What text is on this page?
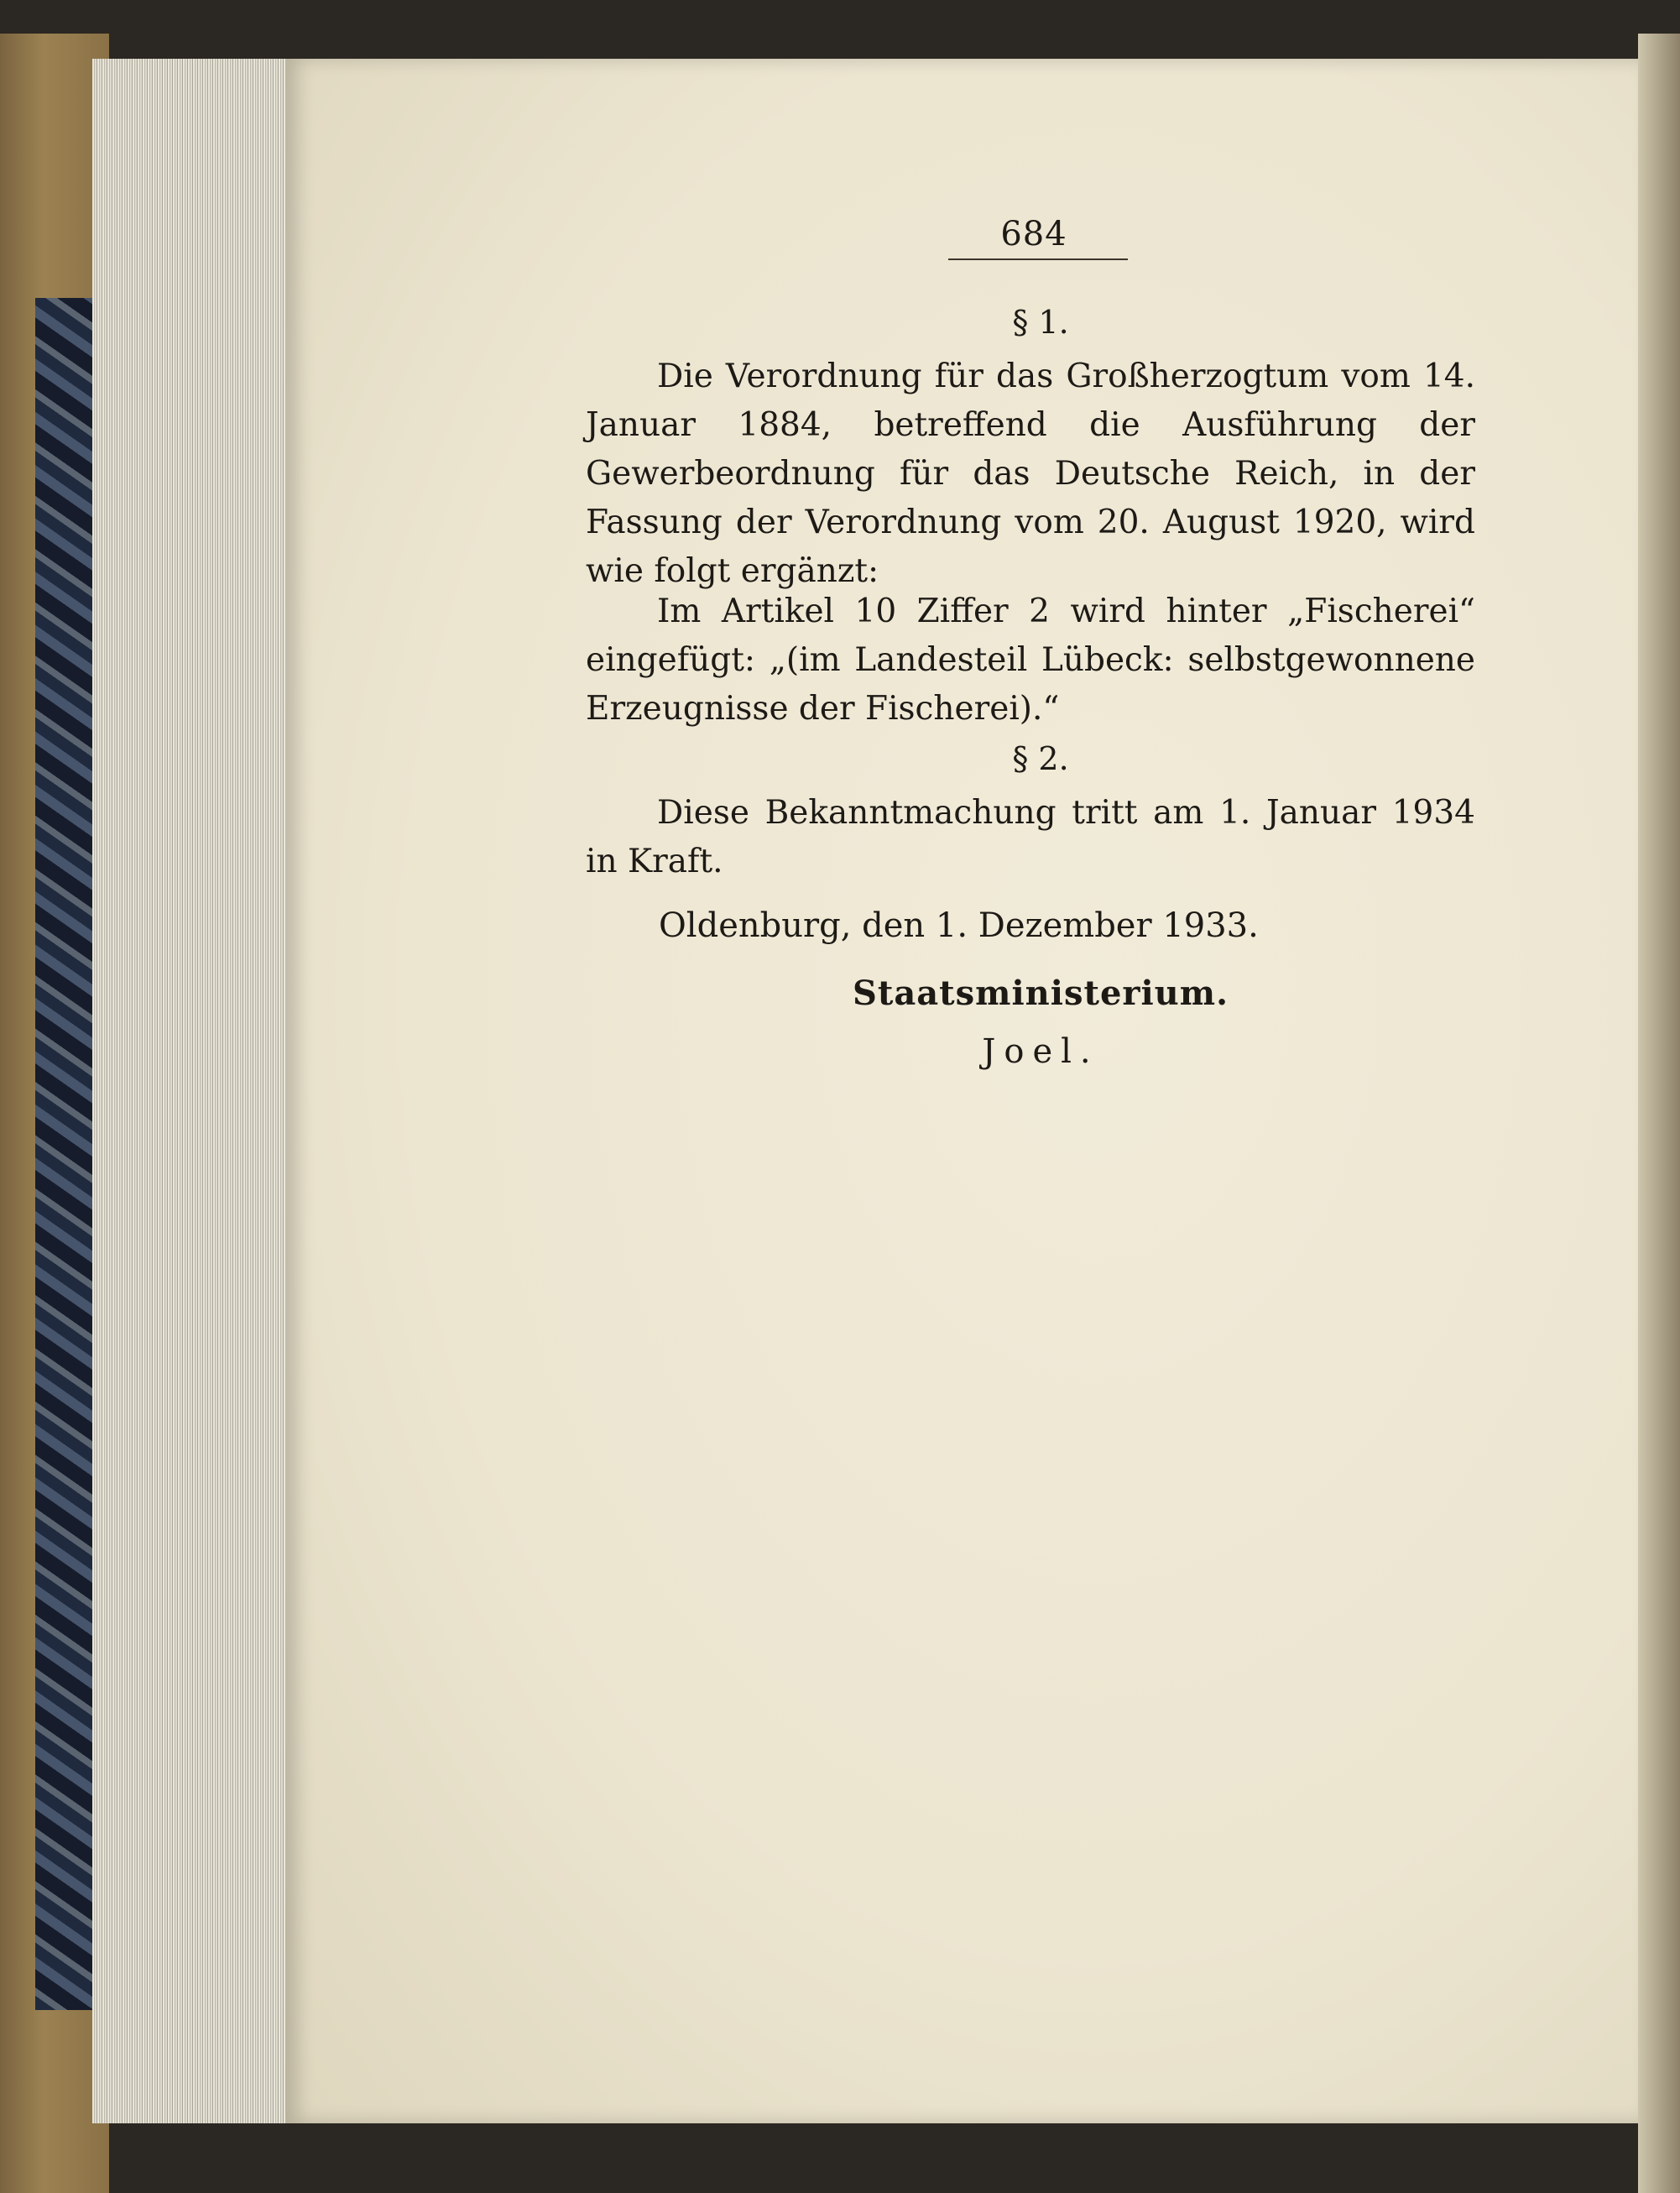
684
§ 1.
Die Verordnung für das Großherzogtum vom 14. Januar 1884, betreffend die Ausführung der Gewerbeordnung für das Deutsche Reich, in der Fassung der Verordnung vom 20. August 1920, wird wie folgt ergänzt:
Im Artikel 10 Ziffer 2 wird hinter „Fischerei“ eingefügt: „(im Landesteil Lübeck: selbstgewonnene Erzeugnisse der Fischerei).“
§ 2.
Diese Bekanntmachung tritt am 1. Januar 1934 in Kraft.
Oldenburg, den 1. Dezember 1933.
Staatsministerium.
Joel.
